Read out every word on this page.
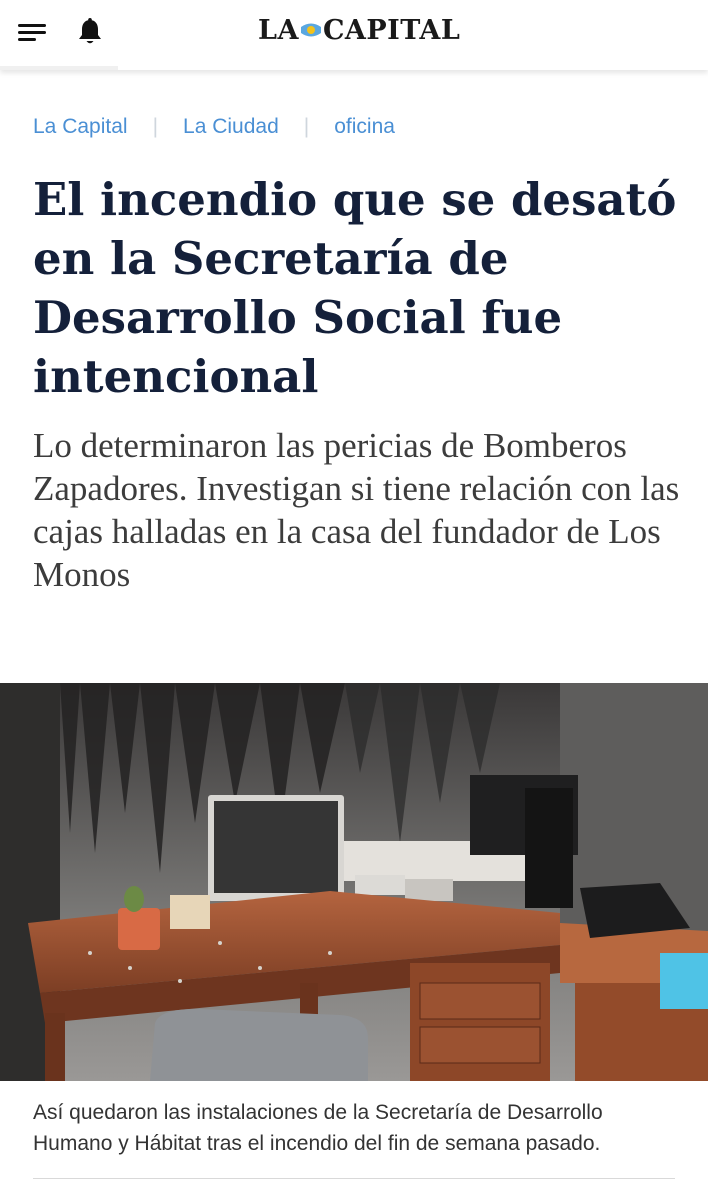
LA CAPITAL
La Capital | La Ciudad | oficina
El incendio que se desató en la Secretaría de Desarrollo Social fue intencional

Lo determinaron las pericias de Bomberos Zapadores. Investigan si tiene relación con las cajas halladas en la casa del fundador de Los Monos

Así quedaron las instalaciones de la Secretaría de Desarrollo Humano y Hábitat tras el incendio del fin de semana pasado.
